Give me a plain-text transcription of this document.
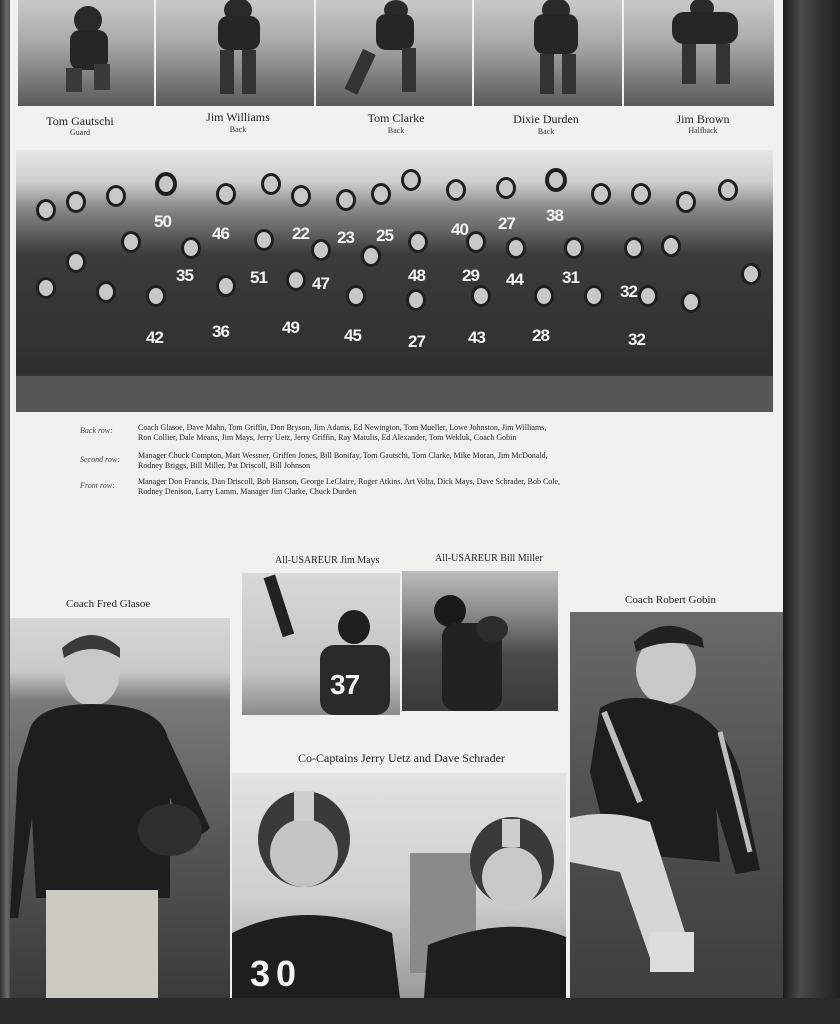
Tom Gautschi
Guard
Jim Williams
Back
Tom Clarke
Back
Dixie Durden
Back
Jim Brown
Halfback
50
46	22 23 25	40 27 38
35	51	47	48 29 44 31
32
42	36	49	45	27	43	28	32
Back row:	Coach Glasoe, Dave Mahn, Tom Griffin, Don Bryson, Jim Adams, Ed Newington, Tom Mueller, Lowe Johnston, Jim Williams,
Ron Collier, Dale Means, Jim Mays, Jerry Uetz, Jerry Griffin, Ray Matulis, Ed Alexander, Tom Wekluk, Coach Gobin
Second row: Manager Chuck Compton, Matt Wessner, Griffen Jones, Bill Bonifay, Tom Gautschi, Tom Clarke, Mike Moran, Jim McDonald,
Rodney Briggs, Bill Miller, Pat Driscoll, Bill Johnson
Front row:	Manager Don Francis, Dan Driscoll, Bob Hanson, George LeClaire, Roger Atkins, Art Volta, Dick Mays, Dave Schrader, Bob Cole,
Rodney Denison, Larry Lamm, Manager Jim Clarke, Chuck Durden
All-USAREUR Jim Mays	All-USAREUR Bill Miller
Coach Fred Glasoe	Coach Robert Gobin
Co-Captains Jerry Uetz and Dave Schrader
37
30
